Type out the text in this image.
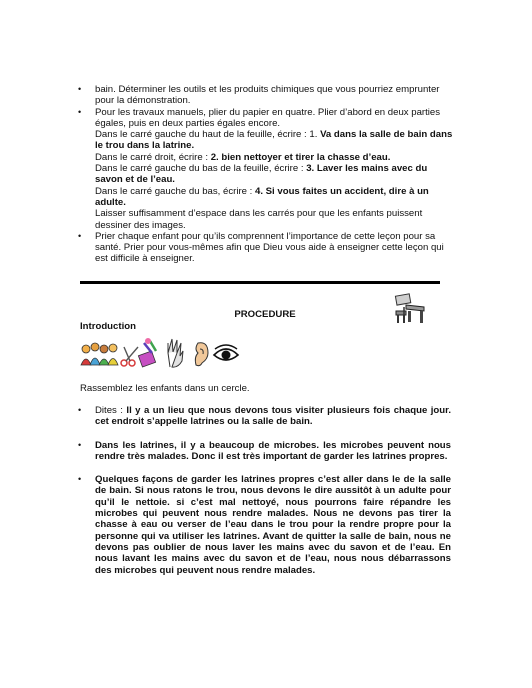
• bain. Déterminer les outils et les produits chimiques que vous pourriez emprunter
pour la démonstration.
• Pour les travaux manuels, plier du papier en quatre. Plier d’abord en deux parties égales, puis en deux parties égales encore.
Dans le carré gauche du haut de la feuille, écrire : 1. Va dans la salle de bain dans le trou dans la latrine.
Dans le carré droit, écrire : 2. bien nettoyer et tirer la chasse d’eau.
Dans le carré gauche du bas de la feuille, écrire : 3. Laver les mains avec du savon et de l’eau.
Dans le carré gauche du bas, écrire : 4. Si vous faites un accident, dire à un adulte.
Laisser suffisamment d’espace dans les carrés pour que les enfants puissent dessiner des images.
• Prier chaque enfant pour qu’ils comprennent l’importance de cette leçon pour sa santé. Prier pour vous-mêmes afin que Dieu vous aide à enseigner cette leçon qui est difficile à enseigner.
PROCEDURE
Introduction
Rassemblez les enfants dans un cercle.
• Dites : Il y a un lieu que nous devons tous visiter plusieurs fois chaque jour. cet endroit s’appelle latrines ou la salle de bain.
• Dans les latrines, il y a beaucoup de microbes. les microbes peuvent nous rendre très malades. Donc il est très important de garder les latrines propres.
• Quelques façons de garder les latrines propres c’est aller dans le de la salle de bain. Si nous ratons le trou, nous devons le dire aussitôt à un adulte pour qu’il le nettoie. si c’est mal nettoyé, nous pourrons faire répandre les microbes qui peuvent nous rendre malades. Nous ne devons pas tirer la chasse à eau ou verser de l’eau dans le trou pour la rendre propre pour la personne qui va utiliser les latrines. Avant de quitter la salle de bain, nous ne devons pas oublier de nous laver les mains avec du savon et de l’eau. En nous lavant les mains avec du savon et de l’eau, nous nous débarrassons des microbes qui peuvent nous rendre malades.
